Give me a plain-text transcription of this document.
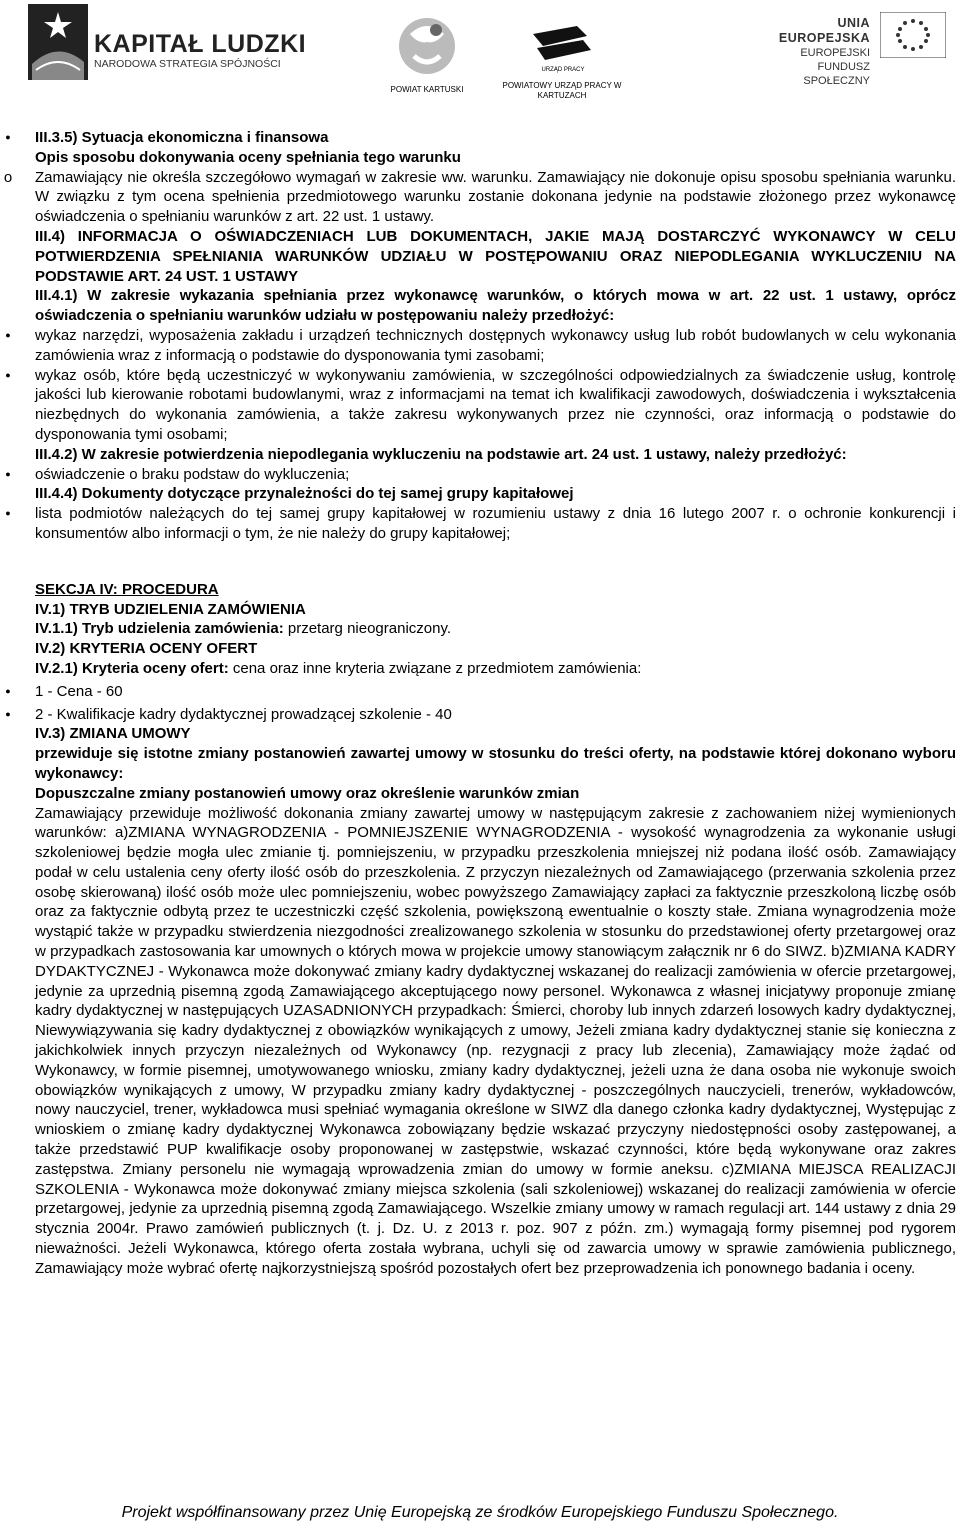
KAPITAŁ LUDZKI
NARODOWA STRATEGIA SPÓJNOŚCI
POWIAT KARTUSKI
URZĄD PRACY
POWIATOWY URZĄD PRACY W KARTUZACH
UNIA EUROPEJSKA
EUROPEJSKI
FUNDUSZ SPOŁECZNY
●
III.3.5) Sytuacja ekonomiczna i finansowa
Opis sposobu dokonywania oceny spełniania tego warunku
o
Zamawiający nie określa szczegółowo wymagań w zakresie ww. warunku. Zamawiający nie dokonuje opisu sposobu spełniania warunku. W związku z tym ocena spełnienia przedmiotowego warunku zostanie dokonana jedynie na podstawie złożonego przez wykonawcę oświadczenia o spełnianiu warunków z art. 22 ust. 1 ustawy.
III.4) INFORMACJA O OŚWIADCZENIACH LUB DOKUMENTACH, JAKIE MAJĄ DOSTARCZYĆ WYKONAWCY W CELU POTWIERDZENIA SPEŁNIANIA WARUNKÓW UDZIAŁU W POSTĘPOWANIU ORAZ NIEPODLEGANIA WYKLUCZENIU NA PODSTAWIE ART. 24 UST. 1 USTAWY
III.4.1) W zakresie wykazania spełniania przez wykonawcę warunków, o których mowa w art. 22 ust. 1 ustawy, oprócz oświadczenia o spełnianiu warunków udziału w postępowaniu należy przedłożyć:
●
wykaz narzędzi, wyposażenia zakładu i urządzeń technicznych dostępnych wykonawcy usług lub robót budowlanych w celu wykonania zamówienia wraz z informacją o podstawie do dysponowania tymi zasobami;
●
wykaz osób, które będą uczestniczyć w wykonywaniu zamówienia, w szczególności odpowiedzialnych za świadczenie usług, kontrolę jakości lub kierowanie robotami budowlanymi, wraz z informacjami na temat ich kwalifikacji zawodowych, doświadczenia i wykształcenia niezbędnych do wykonania zamówienia, a także zakresu wykonywanych przez nie czynności, oraz informacją o podstawie do dysponowania tymi osobami;
III.4.2) W zakresie potwierdzenia niepodlegania wykluczeniu na podstawie art. 24 ust. 1 ustawy, należy przedłożyć:
●
oświadczenie o braku podstaw do wykluczenia;
III.4.4) Dokumenty dotyczące przynależności do tej samej grupy kapitałowej
●
lista podmiotów należących do tej samej grupy kapitałowej w rozumieniu ustawy z dnia 16 lutego 2007 r. o ochronie konkurencji i konsumentów albo informacji o tym, że nie należy do grupy kapitałowej;
SEKCJA IV: PROCEDURA
IV.1) TRYB UDZIELENIA ZAMÓWIENIA
IV.1.1) Tryb udzielenia zamówienia: przetarg nieograniczony.
IV.2) KRYTERIA OCENY OFERT
IV.2.1) Kryteria oceny ofert: cena oraz inne kryteria związane z przedmiotem zamówienia:
●
1 - Cena - 60
●
2 - Kwalifikacje kadry dydaktycznej prowadzącej szkolenie - 40
IV.3) ZMIANA UMOWY
przewiduje się istotne zmiany postanowień zawartej umowy w stosunku do treści oferty, na podstawie której dokonano wyboru wykonawcy:
Dopuszczalne zmiany postanowień umowy oraz określenie warunków zmian
Zamawiający przewiduje możliwość dokonania zmiany zawartej umowy w następującym zakresie z zachowaniem niżej wymienionych warunków: a)ZMIANA WYNAGRODZENIA - POMNIEJSZENIE WYNAGRODZENIA - wysokość wynagrodzenia za wykonanie usługi szkoleniowej będzie mogła ulec zmianie tj. pomniejszeniu, w przypadku przeszkolenia mniejszej niż podana ilość osób. Zamawiający podał w celu ustalenia ceny oferty ilość osób do przeszkolenia. Z przyczyn niezależnych od Zamawiającego (przerwania szkolenia przez osobę skierowaną) ilość osób może ulec pomniejszeniu, wobec powyższego Zamawiający zapłaci za faktycznie przeszkoloną liczbę osób oraz za faktycznie odbytą przez te uczestniczki część szkolenia, powiększoną ewentualnie o koszty stałe. Zmiana wynagrodzenia może wystąpić także w przypadku stwierdzenia niezgodności zrealizowanego szkolenia w stosunku do przedstawionej oferty przetargowej oraz w przypadkach zastosowania kar umownych o których mowa w projekcie umowy stanowiącym załącznik nr 6 do SIWZ. b)ZMIANA KADRY DYDAKTYCZNEJ - Wykonawca może dokonywać zmiany kadry dydaktycznej wskazanej do realizacji zamówienia w ofercie przetargowej, jedynie za uprzednią pisemną zgodą Zamawiającego akceptującego nowy personel. Wykonawca z własnej inicjatywy proponuje zmianę kadry dydaktycznej w następujących UZASADNIONYCH przypadkach: Śmierci, choroby lub innych zdarzeń losowych kadry dydaktycznej, Niewywiązywania się kadry dydaktycznej z obowiązków wynikających z umowy, Jeżeli zmiana kadry dydaktycznej stanie się konieczna z jakichkolwiek innych przyczyn niezależnych od Wykonawcy (np. rezygnacji z pracy lub zlecenia), Zamawiający może żądać od Wykonawcy, w formie pisemnej, umotywowanego wniosku, zmiany kadry dydaktycznej, jeżeli uzna że dana osoba nie wykonuje swoich obowiązków wynikających z umowy, W przypadku zmiany kadry dydaktycznej - poszczególnych nauczycieli, trenerów, wykładowców, nowy nauczyciel, trener, wykładowca musi spełniać wymagania określone w SIWZ dla danego członka kadry dydaktycznej, Występując z wnioskiem o zmianę kadry dydaktycznej Wykonawca zobowiązany będzie wskazać przyczyny niedostępności osoby zastępowanej, a także przedstawić PUP kwalifikacje osoby proponowanej w zastępstwie, wskazać czynności, które będą wykonywane oraz zakres zastępstwa. Zmiany personelu nie wymagają wprowadzenia zmian do umowy w formie aneksu. c)ZMIANA MIEJSCA REALIZACJI SZKOLENIA - Wykonawca może dokonywać zmiany miejsca szkolenia (sali szkoleniowej) wskazanej do realizacji zamówienia w ofercie przetargowej, jedynie za uprzednią pisemną zgodą Zamawiającego. Wszelkie zmiany umowy w ramach regulacji art. 144 ustawy z dnia 29 stycznia 2004r. Prawo zamówień publicznych (t. j. Dz. U. z 2013 r. poz. 907 z późn. zm.) wymagają formy pisemnej pod rygorem nieważności. Jeżeli Wykonawca, którego oferta została wybrana, uchyli się od zawarcia umowy w sprawie zamówienia publicznego, Zamawiający może wybrać ofertę najkorzystniejszą spośród pozostałych ofert bez przeprowadzenia ich ponownego badania i oceny.
Projekt współfinansowany przez Unię Europejską ze środków Europejskiego Funduszu Społecznego.
